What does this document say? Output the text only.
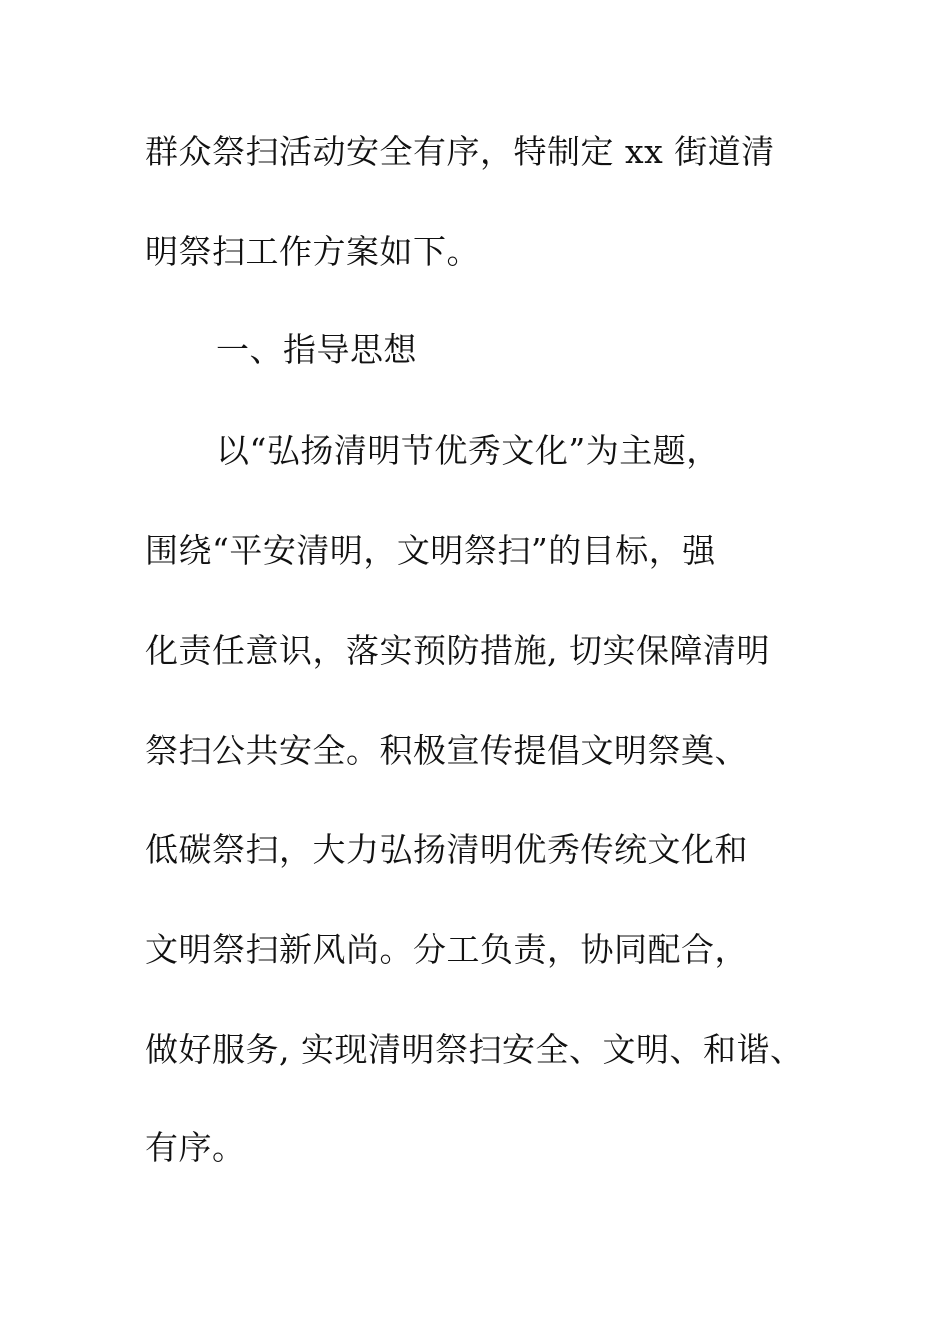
群众祭扫活动安全有序，特制定 xx 街道清
明祭扫工作方案如下。
一、指导思想
以“弘扬清明节优秀文化”为主题，
围绕“平安清明，文明祭扫”的目标，强
化责任意识，落实预防措施, 切实保障清明
祭扫公共安全。积极宣传提倡文明祭奠、
低碳祭扫，大力弘扬清明优秀传统文化和
文明祭扫新风尚。分工负责，协同配合，
做好服务, 实现清明祭扫安全、文明、和谐、
有序。
